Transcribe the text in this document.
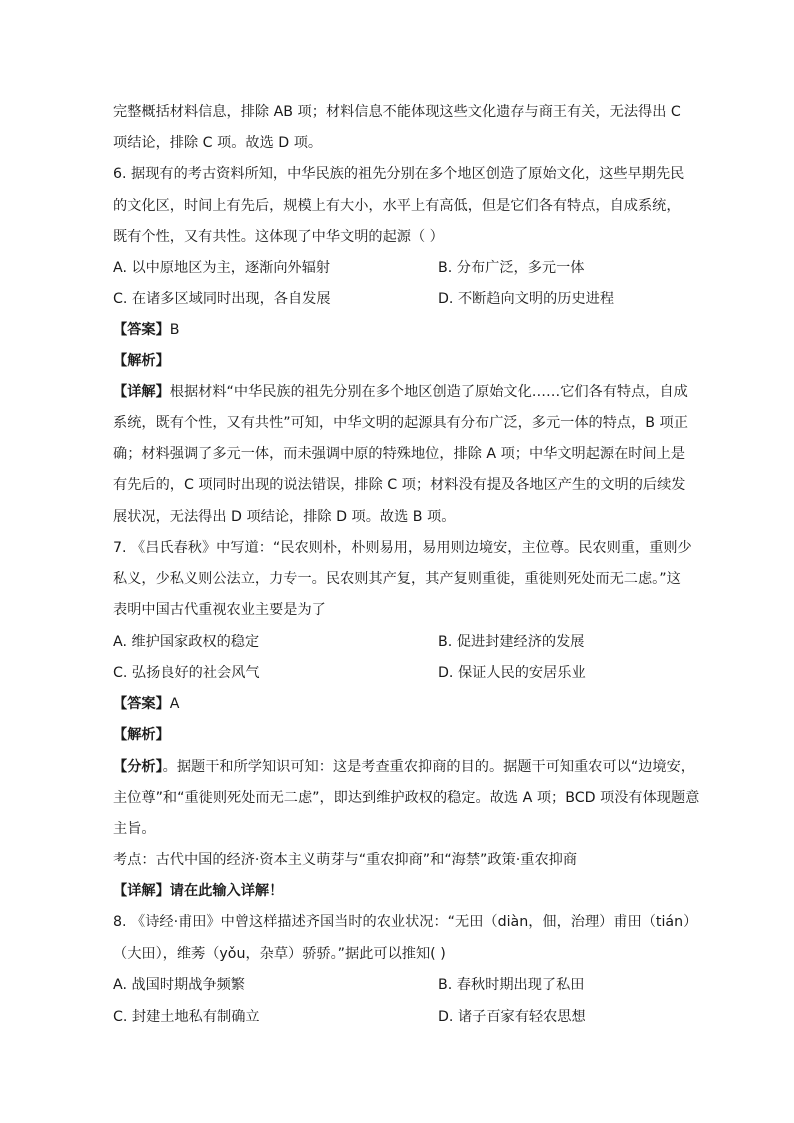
完整概括材料信息，排除 AB 项；材料信息不能体现这些文化遗存与商王有关，无法得出 C
项结论，排除 C 项。故选 D 项。
6. 据现有的考古资料所知，中华民族的祖先分别在多个地区创造了原始文化，这些早期先民
的文化区，时间上有先后，规模上有大小，水平上有高低，但是它们各有特点，自成系统，
既有个性，又有共性。这体现了中华文明的起源（ ）
A. 以中原地区为主，逐渐向外辐射	B. 分布广泛，多元一体
C. 在诸多区域同时出现，各自发展	D. 不断趋向文明的历史进程
【答案】B
【解析】
【详解】根据材料“中华民族的祖先分别在多个地区创造了原始文化……它们各有特点，自成
系统，既有个性，又有共性”可知，中华文明的起源具有分布广泛，多元一体的特点，B 项正
确；材料强调了多元一体，而未强调中原的特殊地位，排除 A 项；中华文明起源在时间上是
有先后的，C 项同时出现的说法错误，排除 C 项；材料没有提及各地区产生的文明的后续发
展状况，无法得出 D 项结论，排除 D 项。故选 B 项。
7. 《吕氏春秋》中写道：“民农则朴，朴则易用，易用则边境安，主位尊。民农则重，重则少
私义，少私义则公法立，力专一。民农则其产复，其产复则重徙，重徙则死处而无二虑。”这
表明中国古代重视农业主要是为了
A. 维护国家政权的稳定	B. 促进封建经济的发展
C. 弘扬良好的社会风气	D. 保证人民的安居乐业
【答案】A
【解析】
【分析】。据题干和所学知识可知：这是考查重农抑商的目的。据题干可知重农可以“边境安，
主位尊”和“重徙则死处而无二虑”，即达到维护政权的稳定。故选 A 项；BCD 项没有体现题意
主旨。
考点：古代中国的经济·资本主义萌芽与“重农抑商”和“海禁”政策·重农抑商
【详解】请在此输入详解！
8. 《诗经·甫田》中曾这样描述齐国当时的农业状况：“无田（diàn，佃，治理）甫田（tián）
（大田），维莠（yǒu，杂草）骄骄。”据此可以推知( )
A. 战国时期战争频繁	B. 春秋时期出现了私田
C. 封建土地私有制确立	D. 诸子百家有轻农思想
